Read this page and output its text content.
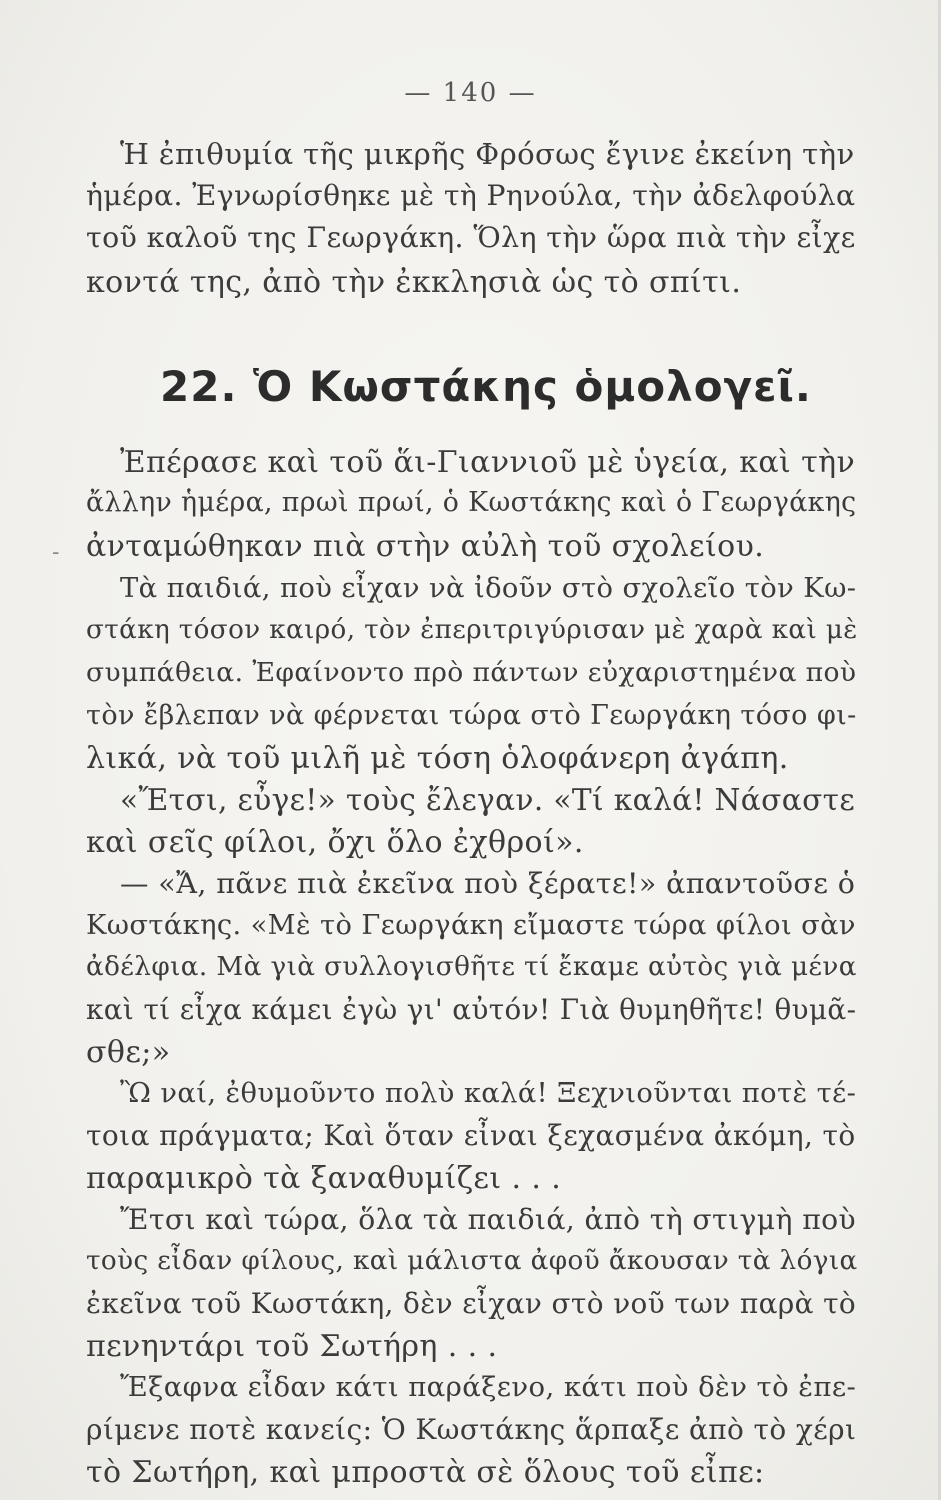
— 140 —
Ἡ ἐπιθυμία τῆς μικρῆς Φρόσως ἔγινε ἐκείνη τὴν
ἡμέρα. Ἐγνωρίσθηκε μὲ τὴ Ρηνούλα, τὴν ἀδελφούλα
τοῦ καλοῦ της Γεωργάκη. Ὅλη τὴν ὥρα πιὰ τὴν εἶχε
κοντά της, ἀπὸ τὴν ἐκκλησιὰ ὡς τὸ σπίτι.
22. Ὁ Κωστάκης ὁμολογεῖ.
Ἐπέρασε καὶ τοῦ ἅι-Γιαννιοῦ μὲ ὑγεία, καὶ τὴν
ἄλλην ἡμέρα, πρωὶ πρωί, ὁ Κωστάκης καὶ ὁ Γεωργάκης
ἀνταμώθηκαν πιὰ στὴν αὐλὴ τοῦ σχολείου.
-
Τὰ παιδιά, ποὺ εἶχαν νὰ ἰδοῦν στὸ σχολεῖο τὸν Κω-
στάκη τόσον καιρό, τὸν ἐπεριτριγύρισαν μὲ χαρὰ καὶ μὲ
συμπάθεια. Ἐφαίνοντο πρὸ πάντων εὐχαριστημένα ποὺ
τὸν ἔβλεπαν νὰ φέρνεται τώρα στὸ Γεωργάκη τόσο φι-
λικά, νὰ τοῦ μιλῆ μὲ τόση ὁλοφάνερη ἀγάπη.
«Ἔτσι, εὖγε!» τοὺς ἔλεγαν. «Τί καλά! Νάσαστε
καὶ σεῖς φίλοι, ὄχι ὅλο ἐχθροί».
— «Ἄ, πᾶνε πιὰ ἐκεῖνα ποὺ ξέρατε!» ἀπαντοῦσε ὁ
Κωστάκης. «Μὲ τὸ Γεωργάκη εἴμαστε τώρα φίλοι σὰν
ἀδέλφια. Μὰ γιὰ συλλογισθῆτε τί ἔκαμε αὐτὸς γιὰ μένα
καὶ τί εἶχα κάμει ἐγὼ γι' αὐτόν! Γιὰ θυμηθῆτε! θυμᾶ-
σθε;»
Ὢ ναί, ἐθυμοῦντο πολὺ καλά! Ξεχνιοῦνται ποτὲ τέ-
τοια πράγματα; Καὶ ὅταν εἶναι ξεχασμένα ἀκόμη, τὸ
παραμικρὸ τὰ ξαναθυμίζει . . .
Ἔτσι καὶ τώρα, ὅλα τὰ παιδιά, ἀπὸ τὴ στιγμὴ ποὺ
τοὺς εἶδαν φίλους, καὶ μάλιστα ἀφοῦ ἄκουσαν τὰ λόγια
ἐκεῖνα τοῦ Κωστάκη, δὲν εἶχαν στὸ νοῦ των παρὰ τὸ
πενηντάρι τοῦ Σωτήρη . . .
Ἔξαφνα εἶδαν κάτι παράξενο, κάτι ποὺ δὲν τὸ ἐπε-
ρίμενε ποτὲ κανείς: Ὁ Κωστάκης ἅρπαξε ἀπὸ τὸ χέρι
τὸ Σωτήρη, καὶ μπροστὰ σὲ ὅλους τοῦ εἶπε:
